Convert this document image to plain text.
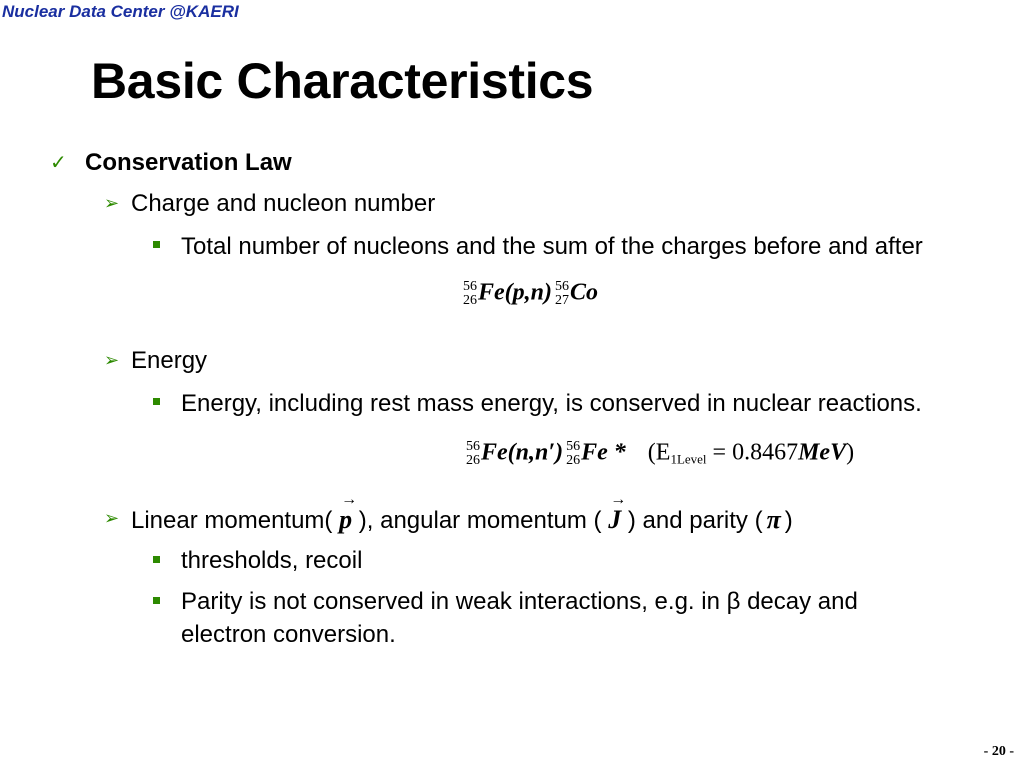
Nuclear Data Center @KAERI
Basic Characteristics
✓ Conservation Law
➢ Charge and nucleon number
Total number of nucleons and the sum of the charges before and after
56
26 Fe(p,n) 56
27 Co
➢ Energy
Energy, including rest mass energy, is conserved in nuclear reactions.
56
26 Fe(n,n′) 56
26 $Fe * (E_{1Level} = 0.8467MeV)$
➢ Linear momentum( → p ), angular momentum ( → J ) and parity ( π )
thresholds, recoil
Parity is not conserved in weak interactions, e.g. in β decay and electron conversion.
- 20 -
